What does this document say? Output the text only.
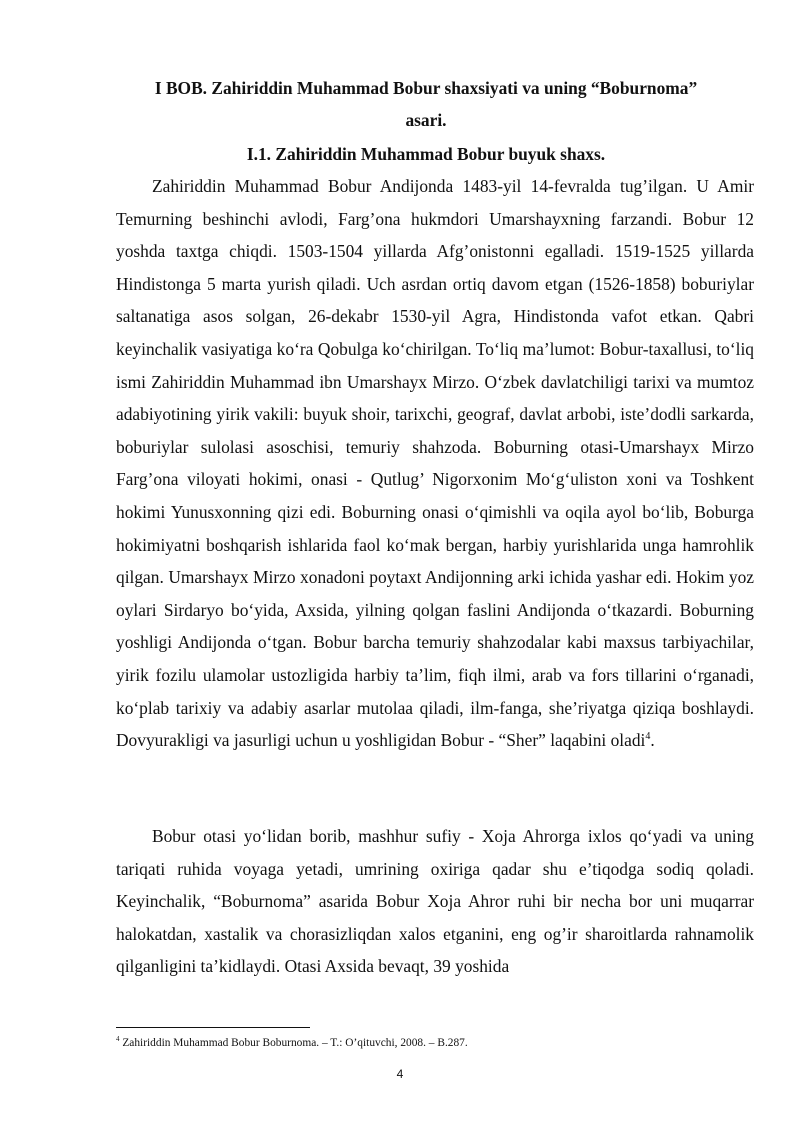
I BOB. Zahiriddin Muhammad Bobur shaxsiyati va uning “Boburnoma”
asari.
I.1. Zahiriddin Muhammad Bobur buyuk shaxs.

Zahiriddin Muhammad Bobur Andijonda 1483-yil 14-fevralda tug’ilgan. U Amir Temurning beshinchi avlodi, Farg’ona hukmdori Umarshayxning farzandi. Bobur 12 yoshda taxtga chiqdi. 1503-1504 yillarda Afg’onistonni egalladi. 1519-1525 yillarda Hindistonga 5 marta yurish qiladi. Uch asrdan ortiq davom etgan (1526-1858) boburiylar saltanatiga asos solgan, 26-dekabr 1530-yil Agra, Hindistonda vafot etkan. Qabri keyinchalik vasiyatiga ko‘ra Qobulga ko‘chirilgan. To‘liq ma’lumot: Bobur-taxallusi, to‘liq ismi Zahiriddin Muhammad ibn Umarshayx Mirzo. O‘zbek davlatchiligi tarixi va mumtoz adabiyotining yirik vakili: buyuk shoir, tarixchi, geograf, davlat arbobi, iste’dodli sarkarda, boburiylar sulolasi asoschisi, temuriy shahzoda. Boburning otasi-Umarshayx Mirzo Farg’ona viloyati hokimi, onasi - Qutlug’ Nigorxonim Mo‘g‘uliston xoni va Toshkent hokimi Yunusxonning qizi edi. Boburning onasi o‘qimishli va oqila ayol bo‘lib, Boburga hokimiyatni boshqarish ishlarida faol ko‘mak bergan, harbiy yurishlarida unga hamrohlik qilgan. Umarshayx Mirzo xonadoni poytaxt Andijonning arki ichida yashar edi. Hokim yoz oylari Sirdaryo bo‘yida, Axsida, yilning qolgan faslini Andijonda o‘tkazardi. Boburning yoshligi Andijonda o‘tgan. Bobur barcha temuriy shahzodalar kabi maxsus tarbiyachilar, yirik fozilu ulamolar ustozligida harbiy ta’lim, fiqh ilmi, arab va fors tillarini o‘rganadi, ko‘plab tarixiy va adabiy asarlar mutolaa qiladi, ilm-fanga, she’riyatga qiziqa boshlaydi. Dovyurakligi va jasurligi uchun u yoshligidan Bobur - “Sher” laqabini oladi$^4$.

Bobur otasi yo‘lidan borib, mashhur sufiy - Xoja Ahrorga ixlos qo‘yadi va uning tariqati ruhida voyaga yetadi, umrining oxiriga qadar shu e’tiqodga sodiq qoladi. Keyinchalik, “Boburnoma” asarida Bobur Xoja Ahror ruhi bir necha bor uni muqarrar halokatdan, xastalik va chorasizliqdan xalos etganini, eng og’ir sharoitlarda rahnamolik qilganligini ta’kidlaydi. Otasi Axsida bevaqt, 39 yoshida

$^4$ Zahiriddin Muhammad Bobur Boburnoma. – T.: O’qituvchi, 2008. – B.287.

4
